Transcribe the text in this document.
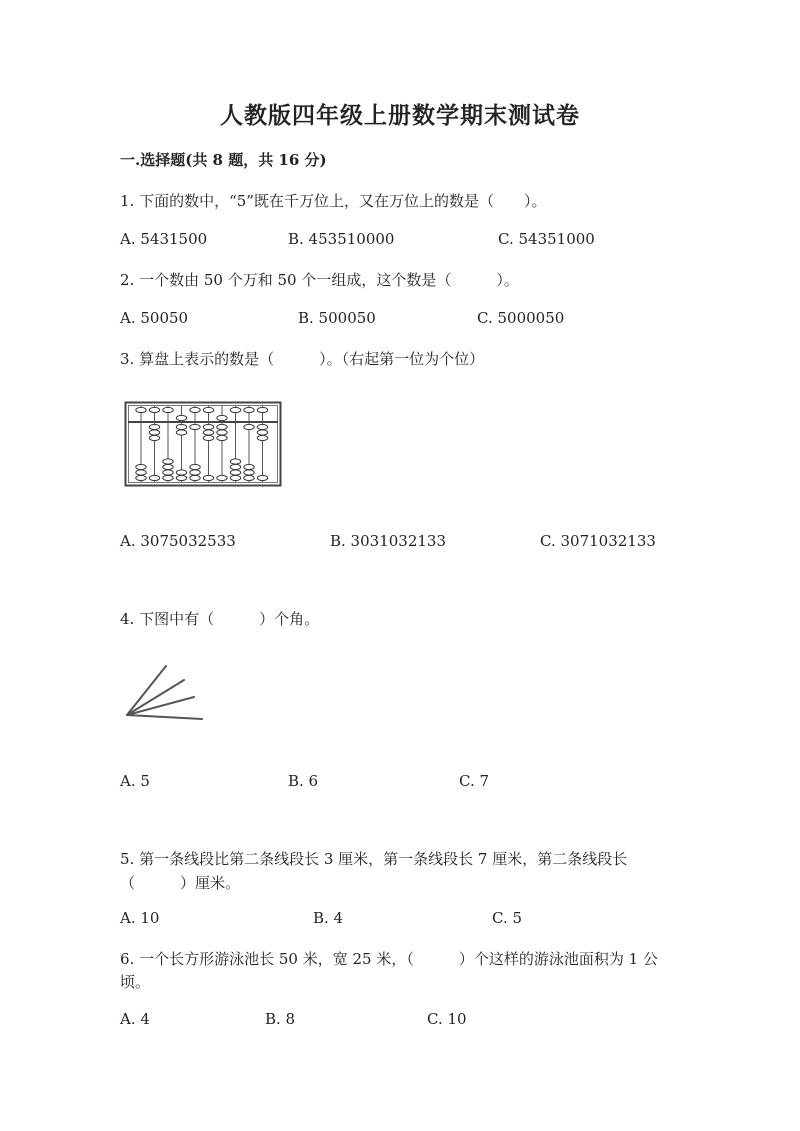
人教版四年级上册数学期末测试卷
一.选择题(共 8 题，共 16 分)
1. 下面的数中，“5”既在千万位上，又在万位上的数是（　　）。
A. 5431500	B. 453510000	C. 54351000
2. 一个数由 50 个万和 50 个一组成，这个数是（　　　）。
A. 50050	B. 500050	C. 5000050
3. 算盘上表示的数是（　　　）。（右起第一位为个位）
A. 3075032533	B. 3031032133	C. 3071032133
4. 下图中有（　　　）个角。
A. 5	B. 6	C. 7
5. 第一条线段比第二条线段长 3 厘米，第一条线段长 7 厘米，第二条线段长
（　　　）厘米。
A. 10	B. 4	C. 5
6. 一个长方形游泳池长 50 米，宽 25 米，（　　　）个这样的游泳池面积为 1 公
顷。
A. 4	B. 8	C. 10
